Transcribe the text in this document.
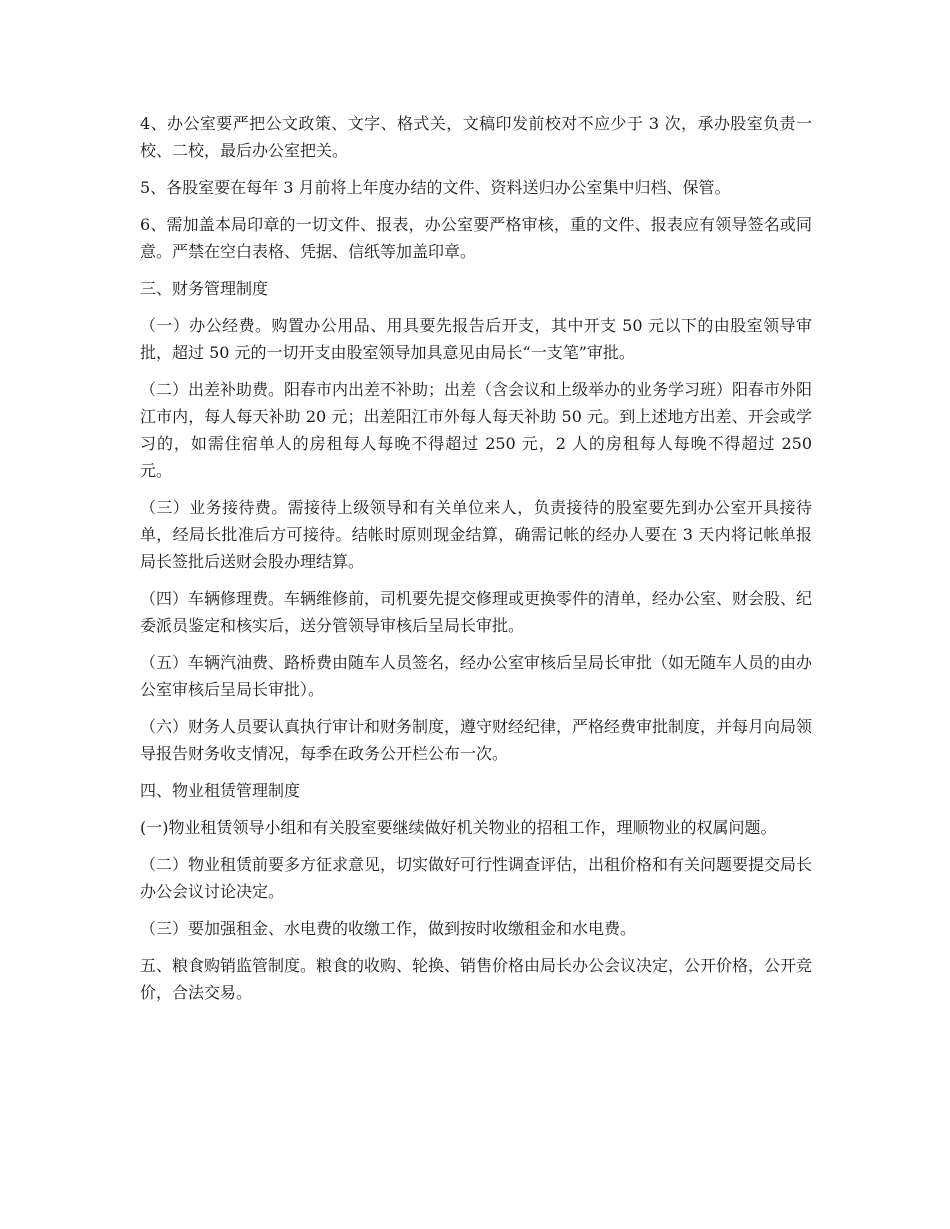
4、办公室要严把公文政策、文字、格式关，文稿印发前校对不应少于 3 次，承办股室负责一校、二校，最后办公室把关。

5、各股室要在每年 3 月前将上年度办结的文件、资料送归办公室集中归档、保管。

6、需加盖本局印章的一切文件、报表，办公室要严格审核，重的文件、报表应有领导签名或同意。严禁在空白表格、凭据、信纸等加盖印章。

三、财务管理制度

（一）办公经费。购置办公用品、用具要先报告后开支，其中开支 50 元以下的由股室领导审批，超过 50 元的一切开支由股室领导加具意见由局长“一支笔”审批。

（二）出差补助费。阳春市内出差不补助；出差（含会议和上级举办的业务学习班）阳春市外阳江市内，每人每天补助 20 元；出差阳江市外每人每天补助 50 元。到上述地方出差、开会或学习的，如需住宿单人的房租每人每晚不得超过 250 元，2 人的房租每人每晚不得超过 250 元。

（三）业务接待费。需接待上级领导和有关单位来人，负责接待的股室要先到办公室开具接待单，经局长批准后方可接待。结帐时原则现金结算，确需记帐的经办人要在 3 天内将记帐单报局长签批后送财会股办理结算。

（四）车辆修理费。车辆维修前，司机要先提交修理或更换零件的清单，经办公室、财会股、纪委派员鉴定和核实后，送分管领导审核后呈局长审批。

（五）车辆汽油费、路桥费由随车人员签名，经办公室审核后呈局长审批（如无随车人员的由办公室审核后呈局长审批）。

（六）财务人员要认真执行审计和财务制度，遵守财经纪律，严格经费审批制度，并每月向局领导报告财务收支情况，每季在政务公开栏公布一次。

四、物业租赁管理制度

(一)物业租赁领导小组和有关股室要继续做好机关物业的招租工作，理顺物业的权属问题。

（二）物业租赁前要多方征求意见，切实做好可行性调查评估，出租价格和有关问题要提交局长办公会议讨论决定。

（三）要加强租金、水电费的收缴工作，做到按时收缴租金和水电费。

五、粮食购销监管制度。粮食的收购、轮换、销售价格由局长办公会议决定，公开价格，公开竞价，合法交易。
